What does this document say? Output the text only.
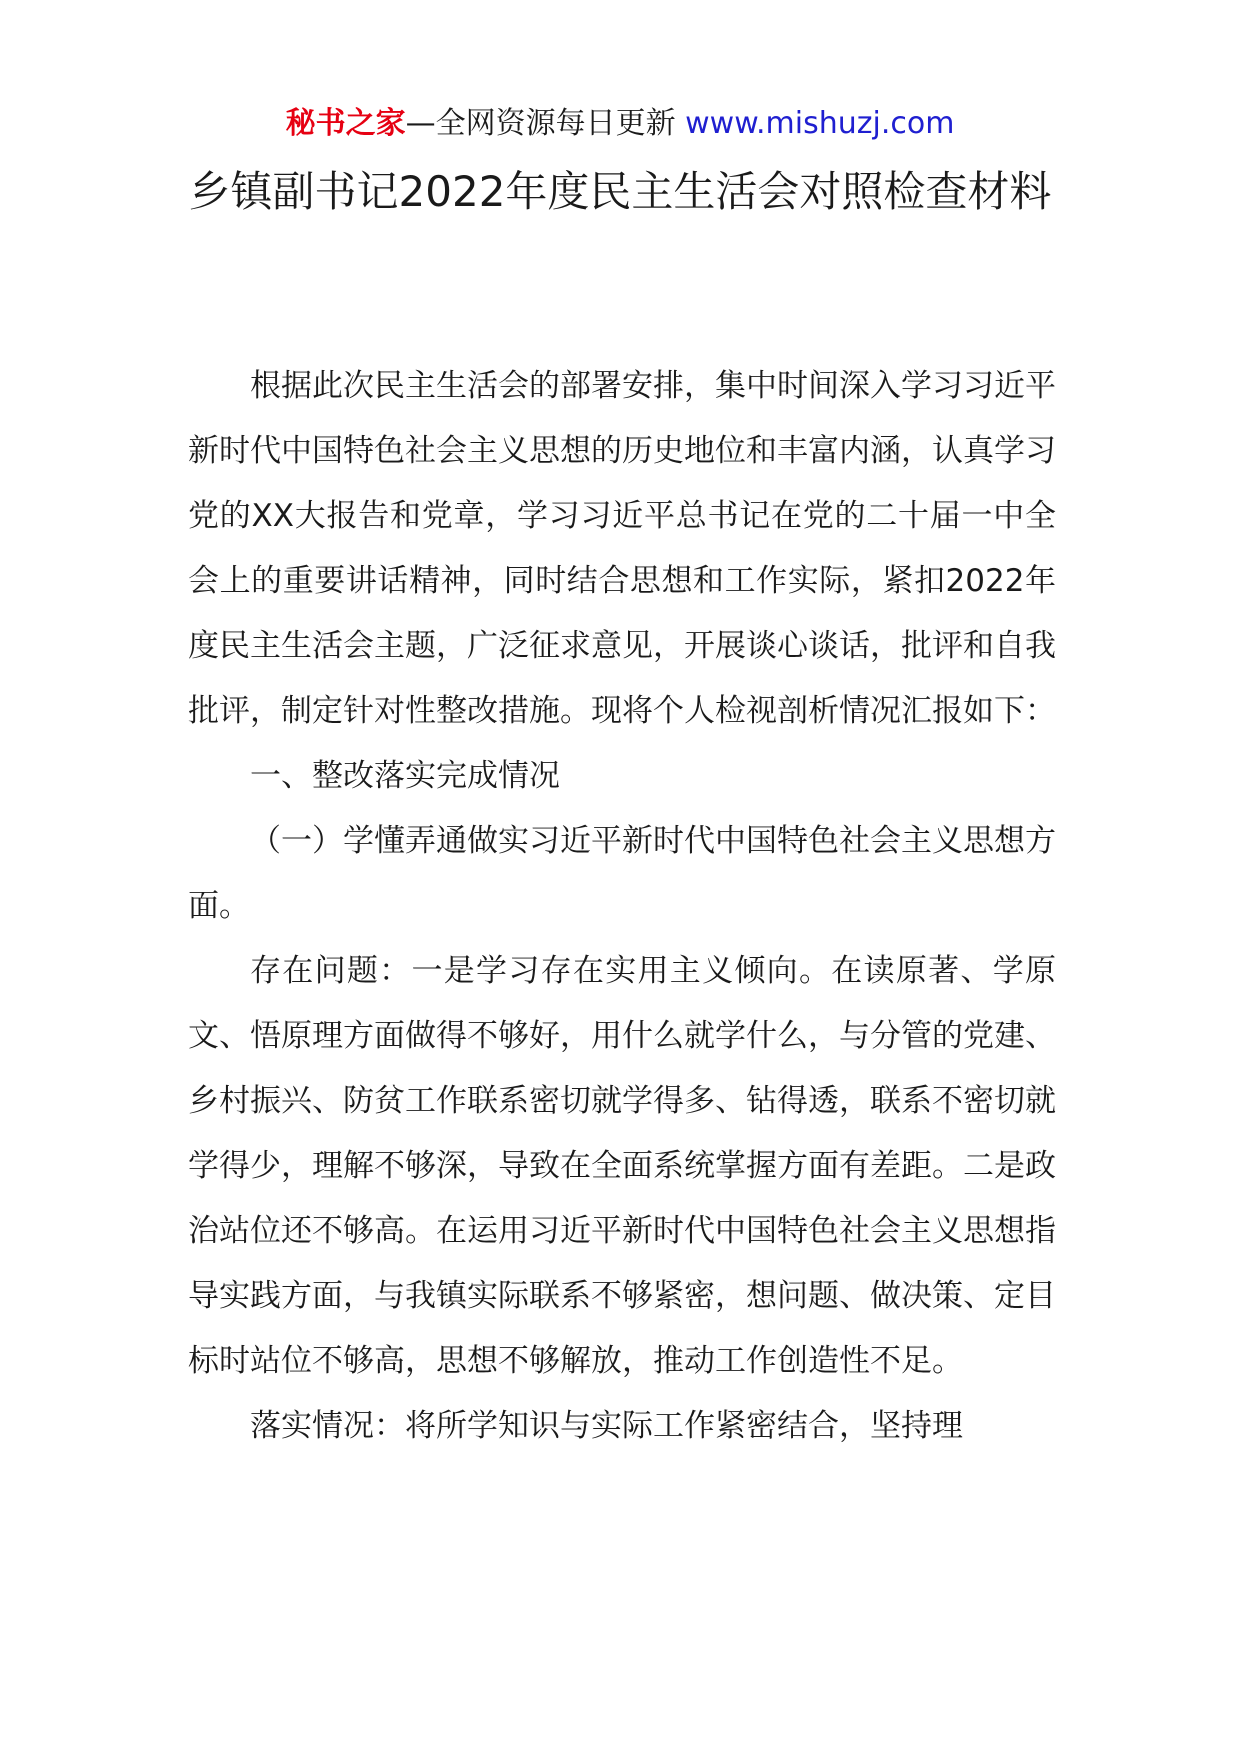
秘书之家—全网资源每日更新 www.mishuzj.com
乡镇副书记2022年度民主生活会对照检查材料

根据此次民主生活会的部署安排，集中时间深入学习习近平新时代中国特色社会主义思想的历史地位和丰富内涵，认真学习党的XX大报告和党章，学习习近平总书记在党的二十届一中全会上的重要讲话精神，同时结合思想和工作实际，紧扣2022年度民主生活会主题，广泛征求意见，开展谈心谈话，批评和自我批评，制定针对性整改措施。现将个人检视剖析情况汇报如下：

一、整改落实完成情况

（一）学懂弄通做实习近平新时代中国特色社会主义思想方面。

存在问题：一是学习存在实用主义倾向。在读原著、学原文、悟原理方面做得不够好，用什么就学什么，与分管的党建、乡村振兴、防贫工作联系密切就学得多、钻得透，联系不密切就学得少，理解不够深，导致在全面系统掌握方面有差距。二是政治站位还不够高。在运用习近平新时代中国特色社会主义思想指导实践方面，与我镇实际联系不够紧密，想问题、做决策、定目标时站位不够高，思想不够解放，推动工作创造性不足。

落实情况：将所学知识与实际工作紧密结合，坚持理
